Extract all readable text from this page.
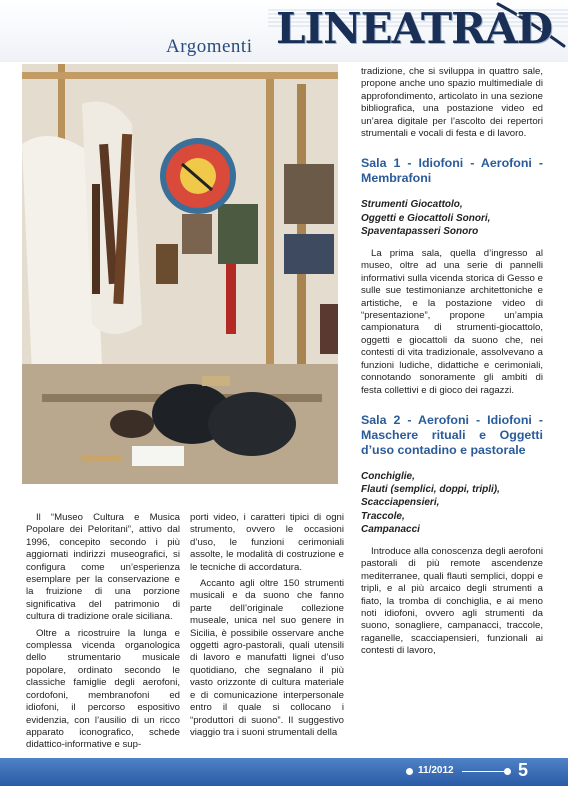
Argomenti LINEATRAD

Il “Museo Cultura e Musica Popolare dei Peloritani”, attivo dal 1996, concepito secondo i più aggiornati indirizzi museografici, si configura come un’esperienza esemplare per la conservazione e la fruizione di una porzione significativa del patrimonio di cultura di tradizione orale siciliana.

Oltre a ricostruire la lunga e complessa vicenda organologica dello strumentario musicale popolare, ordinato secondo le classiche famiglie degli aerofoni, cordofoni, membranofoni ed idiofoni, il percorso espositivo evidenzia, con l’ausilio di un ricco apparato iconografico, schede didattico-informative e sup-

porti video, i caratteri tipici di ogni strumento, ovvero le occasioni d’uso, le funzioni cerimoniali assolte, le modalità di costruzione e le tecniche di accordatura.

Accanto agli oltre 150 strumenti musicali e da suono che fanno parte dell’originale collezione museale, unica nel suo genere in Sicilia, è possibile osservare anche oggetti agro-pastorali, quali utensili di lavoro e manufatti lignei d’uso quotidiano, che segnalano il più vasto orizzonte di cultura materiale e di comunicazione interpersonale entro il quale si collocano i “produttori di suono”. Il suggestivo viaggio tra i suoni strumentali della

tradizione, che si sviluppa in quattro sale, propone anche uno spazio multimediale di approfondimento, articolato in una sezione bibliografica, una postazione video ed un’area digitale per l’ascolto dei repertori strumentali e vocali di festa e di lavoro.

Sala 1 - Idiofoni - Aerofoni - Membrafoni
Strumenti Giocattolo,
Oggetti e Giocattoli Sonori,
Spaventapasseri Sonoro

La prima sala, quella d’ingresso al museo, oltre ad una serie di pannelli informativi sulla vicenda storica di Gesso e sulle sue testimonianze architettoniche e artistiche, e la postazione video di “presentazione”, propone un’ampia campionatura di strumenti-giocattolo, oggetti e giocattoli da suono che, nei contesti di vita tradizionale, assolvevano a funzioni ludiche, didattiche e cerimoniali, connotando sonoramente gli ambiti di festa collettivi e di gioco dei ragazzi.

Sala 2 - Aerofoni - Idiofoni - Maschere rituali e Oggetti d’uso contadino e pastorale
Conchiglie,
Flauti (semplici, doppi, tripli),
Scacciapensieri,
Traccole,
Campanacci

Introduce alla conoscenza degli aerofoni pastorali di più remote ascendenze mediterranee, quali flauti semplici, doppi e tripli, e al più arcaico degli strumenti a fiato, la tromba di conchiglia, e ai meno noti idiofoni, ovvero agli strumenti da suono, sonagliere, campanacci, traccole, raganelle, scacciapensieri, funzionali ai contesti di lavoro,

11/2012	5
